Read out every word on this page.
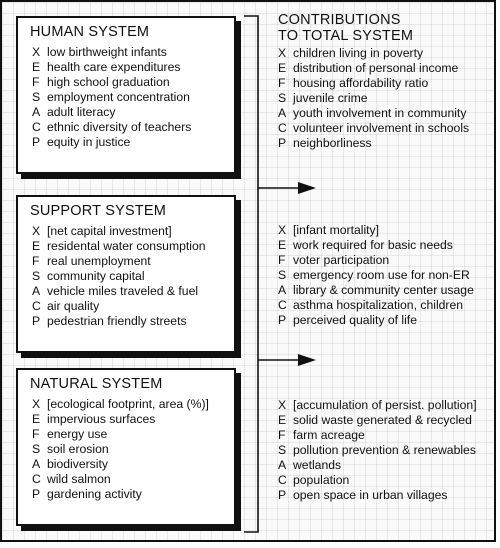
HUMAN SYSTEM
X low birthweight infants
E health care expenditures
F high school graduation
S employment concentration
A adult literacy
C ethnic diversity of teachers
P equity in justice
SUPPORT SYSTEM
X [net capital investment]
E residental water consumption
F real unemployment
S community capital
A vehicle miles traveled & fuel
C air quality
P pedestrian friendly streets
NATURAL SYSTEM
X [ecological footprint, area (%)]
E impervious surfaces
F energy use
S soil erosion
A biodiversity
C wild salmon
P gardening activity
CONTRIBUTIONS
TO TOTAL SYSTEM
X children living in poverty
E distribution of personal income
F housing affordability ratio
S juvenile crime
A youth involvement in community
C volunteer involvement in schools
P neighborliness
X [infant mortality]
E work required for basic needs
F voter participation
S emergency room use for non-ER
A library & community center usage
C asthma hospitalization, children
P perceived quality of life
X [accumulation of persist. pollution]
E solid waste generated & recycled
F farm acreage
S pollution prevention & renewables
A wetlands
C population
P open space in urban villages
